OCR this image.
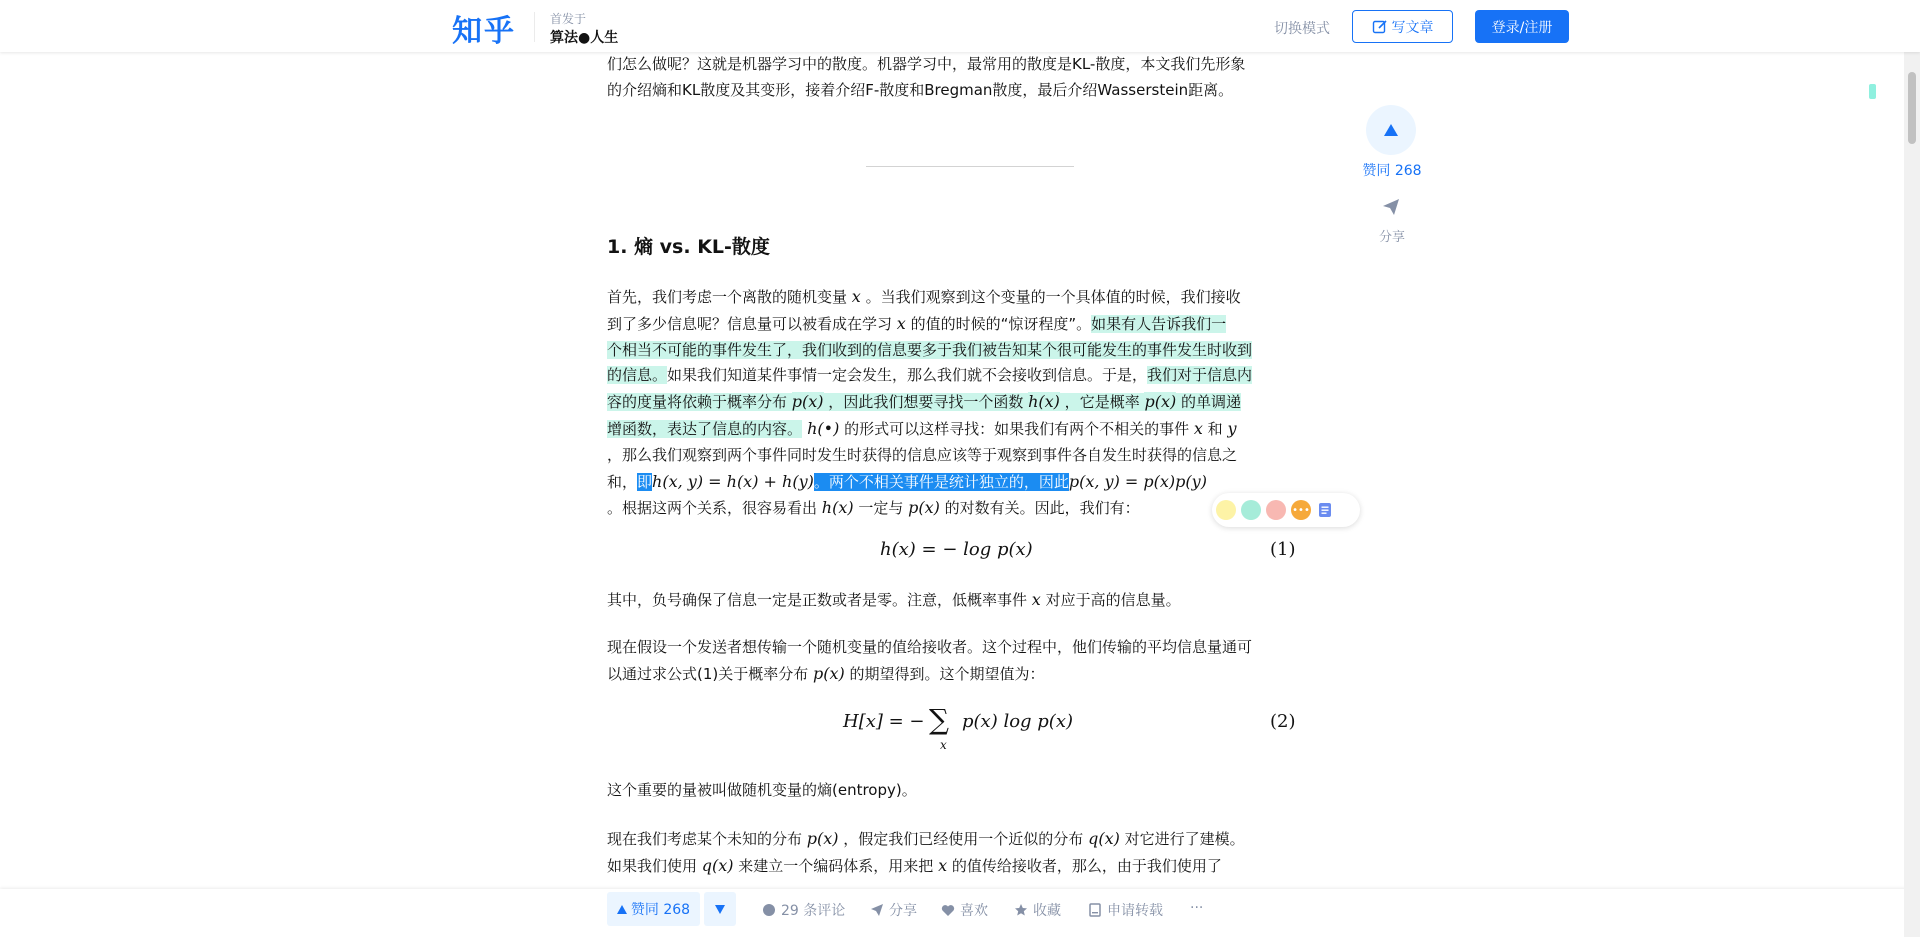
知乎	首发于
算法●人生
切换模式	写文章	登录/注册
们怎么做呢？这就是机器学习中的散度。机器学习中，最常用的散度是KL-散度，本文我们先形象
的介绍熵和KL散度及其变形，接着介绍F-散度和Bregman散度，最后介绍Wasserstein距离。
1. 熵 vs. KL-散度
首先，我们考虑一个离散的随机变量 x 。当我们观察到这个变量的一个具体值的时候，我们接收
到了多少信息呢？信息量可以被看成在学习 x 的值的时候的“惊讶程度”。如果有人告诉我们一
个相当不可能的事件发生了，我们收到的信息要多于我们被告知某个很可能发生的事件发生时收到
的信息。如果我们知道某件事情一定会发生，那么我们就不会接收到信息。于是，我们对于信息内
容的度量将依赖于概率分布 p(x) ，因此我们想要寻找一个函数 h(x) ，它是概率 p(x) 的单调递
增函数，表达了信息的内容。 h(•) 的形式可以这样寻找：如果我们有两个不相关的事件 x 和 y
，那么我们观察到两个事件同时发生时获得的信息应该等于观察到事件各自发生时获得的信息之
和，即h(x, y) = h(x) + h(y)。两个不相关事件是统计独立的，因此p(x, y) = p(x)p(y)
。根据这两个关系，很容易看出 h(x) 一定与 p(x) 的对数有关。因此，我们有：	•••
h(x) = − log p(x)	(1)
其中，负号确保了信息一定是正数或者是零。注意，低概率事件 x 对应于高的信息量。
现在假设一个发送者想传输一个随机变量的值给接收者。这个过程中，他们传输的平均信息量通可
以通过求公式(1)关于概率分布 p(x) 的期望得到。这个期望值为：
H[x] = − ∑
x
p(x) log p(x)	(2)
这个重要的量被叫做随机变量的熵(entropy)。
现在我们考虑某个未知的分布 p(x) ，假定我们已经使用一个近似的分布 q(x) 对它进行了建模。
如果我们使用 q(x) 来建立一个编码体系，用来把 x 的值传给接收者，那么，由于我们使用了
赞同 268
分享
赞同 268	29 条评论	分享	喜欢	收藏	申请转载 ···
